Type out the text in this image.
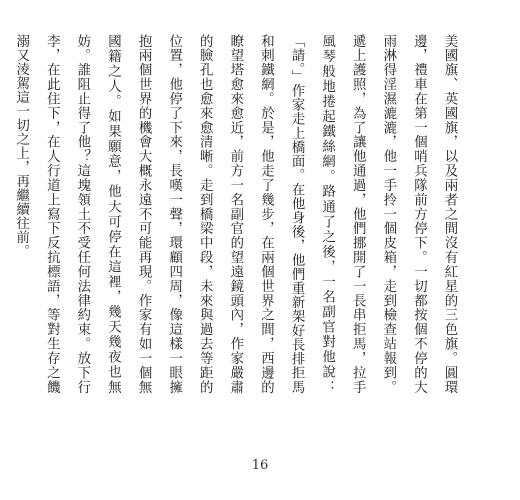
美國旗、英國旗，以及兩者之間沒有紅星的三色旗。圓環邊，禮車在第一個哨兵隊前方停下。一切都按個不停的大雨淋得淫濕漉漉，他一手拎一個皮箱，走到檢查站報到。遞上護照，為了讓他通過，他們挪開了一長串拒馬，拉手風琴般地捲起鐵絲網。路通了之後，一名副官對他說：「請。」作家走上橋面。在他身後，他們重新架好長排拒馬和刺鐵網。於是，他走了幾步，在兩個世界之間，西邊的瞭望塔愈來愈近，前方一名副官的望遠鏡頭內，作家嚴肅的臉孔也愈來愈清晰。走到橋梁中段，未來與過去等距的位置，他停了下來，長嘆一聲，環顧四周，像這樣一眼擁抱兩個世界的機會大概永遠不可能再現。作家有如一個無國籍之人。如果願意，他大可停在這裡，幾天幾夜也無妨。誰阻止得了他？這塊領土不受任何法律約束。放下行李，在此住下，在人行道上寫下反抗標語，等對生存之饑溺又淩駕這一切之上，再繼續往前。

16
